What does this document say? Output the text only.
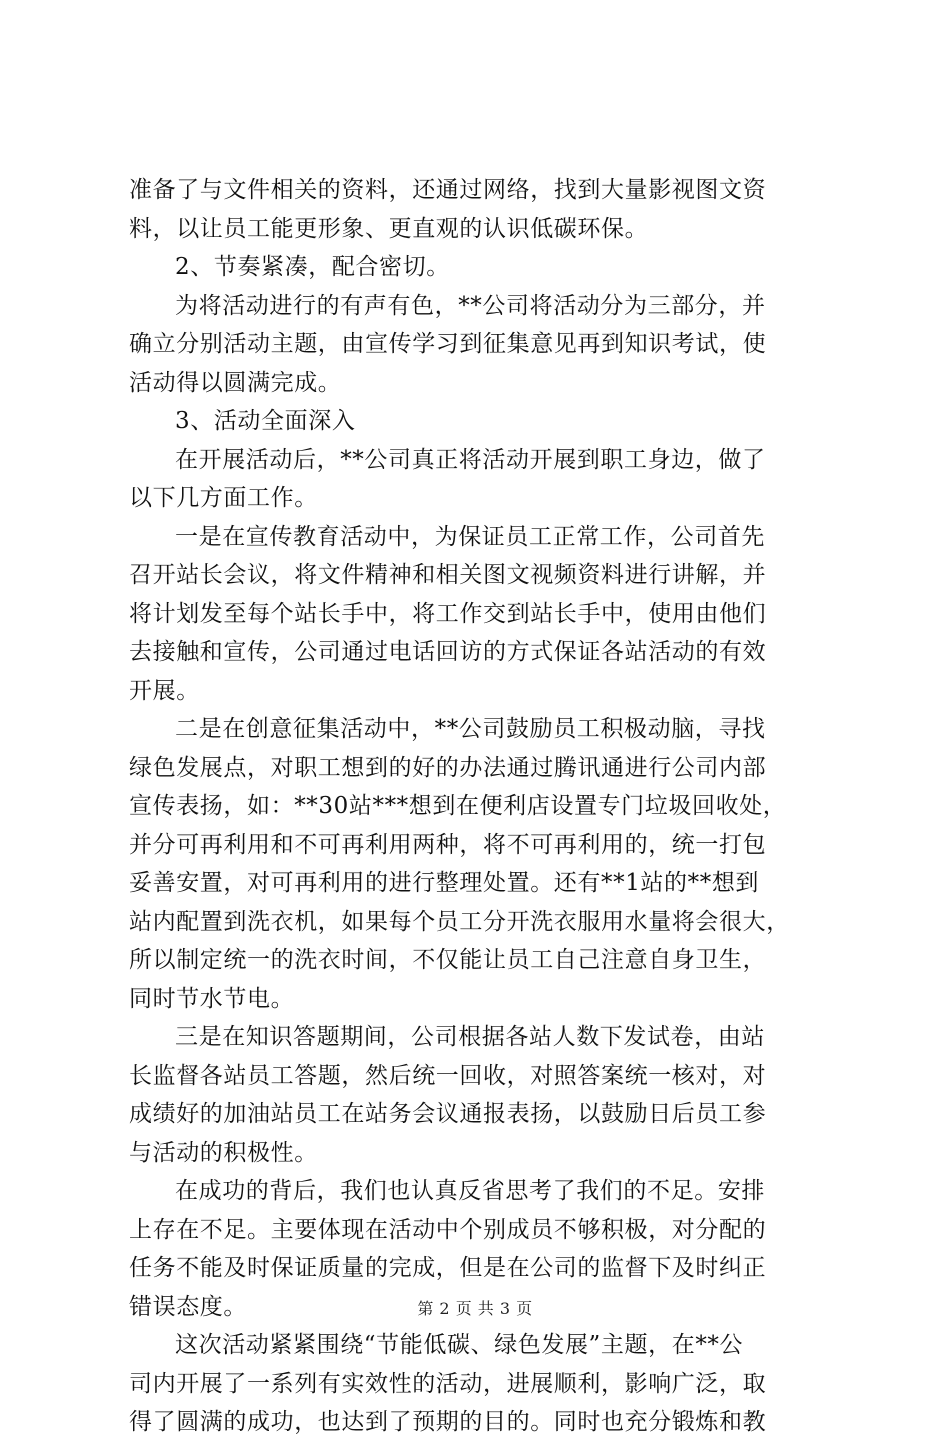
准备了与文件相关的资料，还通过网络，找到大量影视图文资
料，以让员工能更形象、更直观的认识低碳环保。
2、节奏紧凑，配合密切。
为将活动进行的有声有色，**公司将活动分为三部分，并
确立分别活动主题，由宣传学习到征集意见再到知识考试，使
活动得以圆满完成。
3、活动全面深入
在开展活动后，**公司真正将活动开展到职工身边，做了
以下几方面工作。
一是在宣传教育活动中，为保证员工正常工作，公司首先
召开站长会议，将文件精神和相关图文视频资料进行讲解，并
将计划发至每个站长手中，将工作交到站长手中，使用由他们
去接触和宣传，公司通过电话回访的方式保证各站活动的有效
开展。
二是在创意征集活动中，**公司鼓励员工积极动脑，寻找
绿色发展点，对职工想到的好的办法通过腾讯通进行公司内部
宣传表扬，如：**30站***想到在便利店设置专门垃圾回收处，
并分可再利用和不可再利用两种，将不可再利用的，统一打包
妥善安置，对可再利用的进行整理处置。还有**1站的**想到
站内配置到洗衣机，如果每个员工分开洗衣服用水量将会很大，
所以制定统一的洗衣时间，不仅能让员工自己注意自身卫生，
同时节水节电。
三是在知识答题期间，公司根据各站人数下发试卷，由站
长监督各站员工答题，然后统一回收，对照答案统一核对，对
成绩好的加油站员工在站务会议通报表扬，以鼓励日后员工参
与活动的积极性。
在成功的背后，我们也认真反省思考了我们的不足。安排
上存在不足。主要体现在活动中个别成员不够积极，对分配的
任务不能及时保证质量的完成，但是在公司的监督下及时纠正
错误态度。
这次活动紧紧围绕“节能低碳、绿色发展”主题，在**公
司内开展了一系列有实效性的活动，进展顺利，影响广泛，取
得了圆满的成功，也达到了预期的目的。同时也充分锻炼和教
第 2 页 共 3 页
